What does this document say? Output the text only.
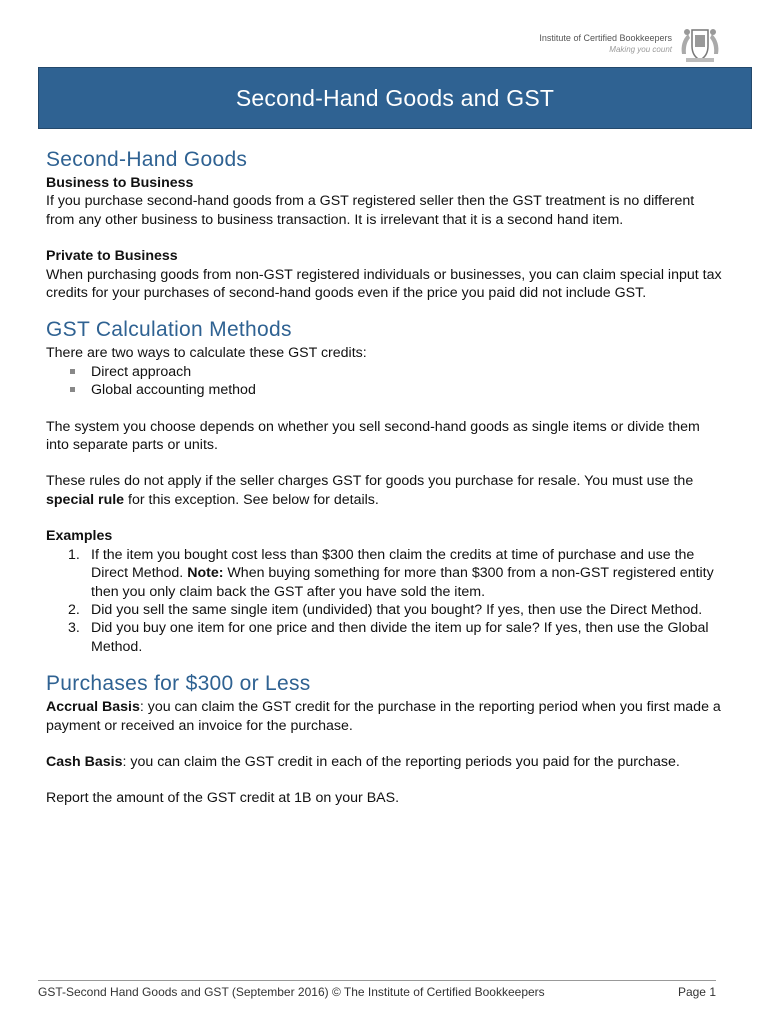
Institute of Certified Bookkeepers
Making you count
Second-Hand Goods and GST
Second-Hand Goods

Business to Business

If you purchase second-hand goods from a GST registered seller then the GST treatment is no different from any other business to business transaction. It is irrelevant that it is a second hand item.

Private to Business

When purchasing goods from non-GST registered individuals or businesses, you can claim special input tax credits for your purchases of second-hand goods even if the price you paid did not include GST.

GST Calculation Methods

There are two ways to calculate these GST credits:

Direct approach
Global accounting method

The system you choose depends on whether you sell second-hand goods as single items or divide them into separate parts or units.

These rules do not apply if the seller charges GST for goods you purchase for resale. You must use the special rule for this exception. See below for details.

Examples

1. If the item you bought cost less than $300 then claim the credits at time of purchase and use the Direct Method. Note: When buying something for more than $300 from a non-GST registered entity then you only claim back the GST after you have sold the item.
2. Did you sell the same single item (undivided) that you bought? If yes, then use the Direct Method.
3. Did you buy one item for one price and then divide the item up for sale? If yes, then use the Global Method.
Purchases for $300 or Less

Accrual Basis: you can claim the GST credit for the purchase in the reporting period when you first made a payment or received an invoice for the purchase.

Cash Basis: you can claim the GST credit in each of the reporting periods you paid for the purchase.

Report the amount of the GST credit at 1B on your BAS.

GST-Second Hand Goods and GST (September 2016) © The Institute of Certified Bookkeepers	Page 1
